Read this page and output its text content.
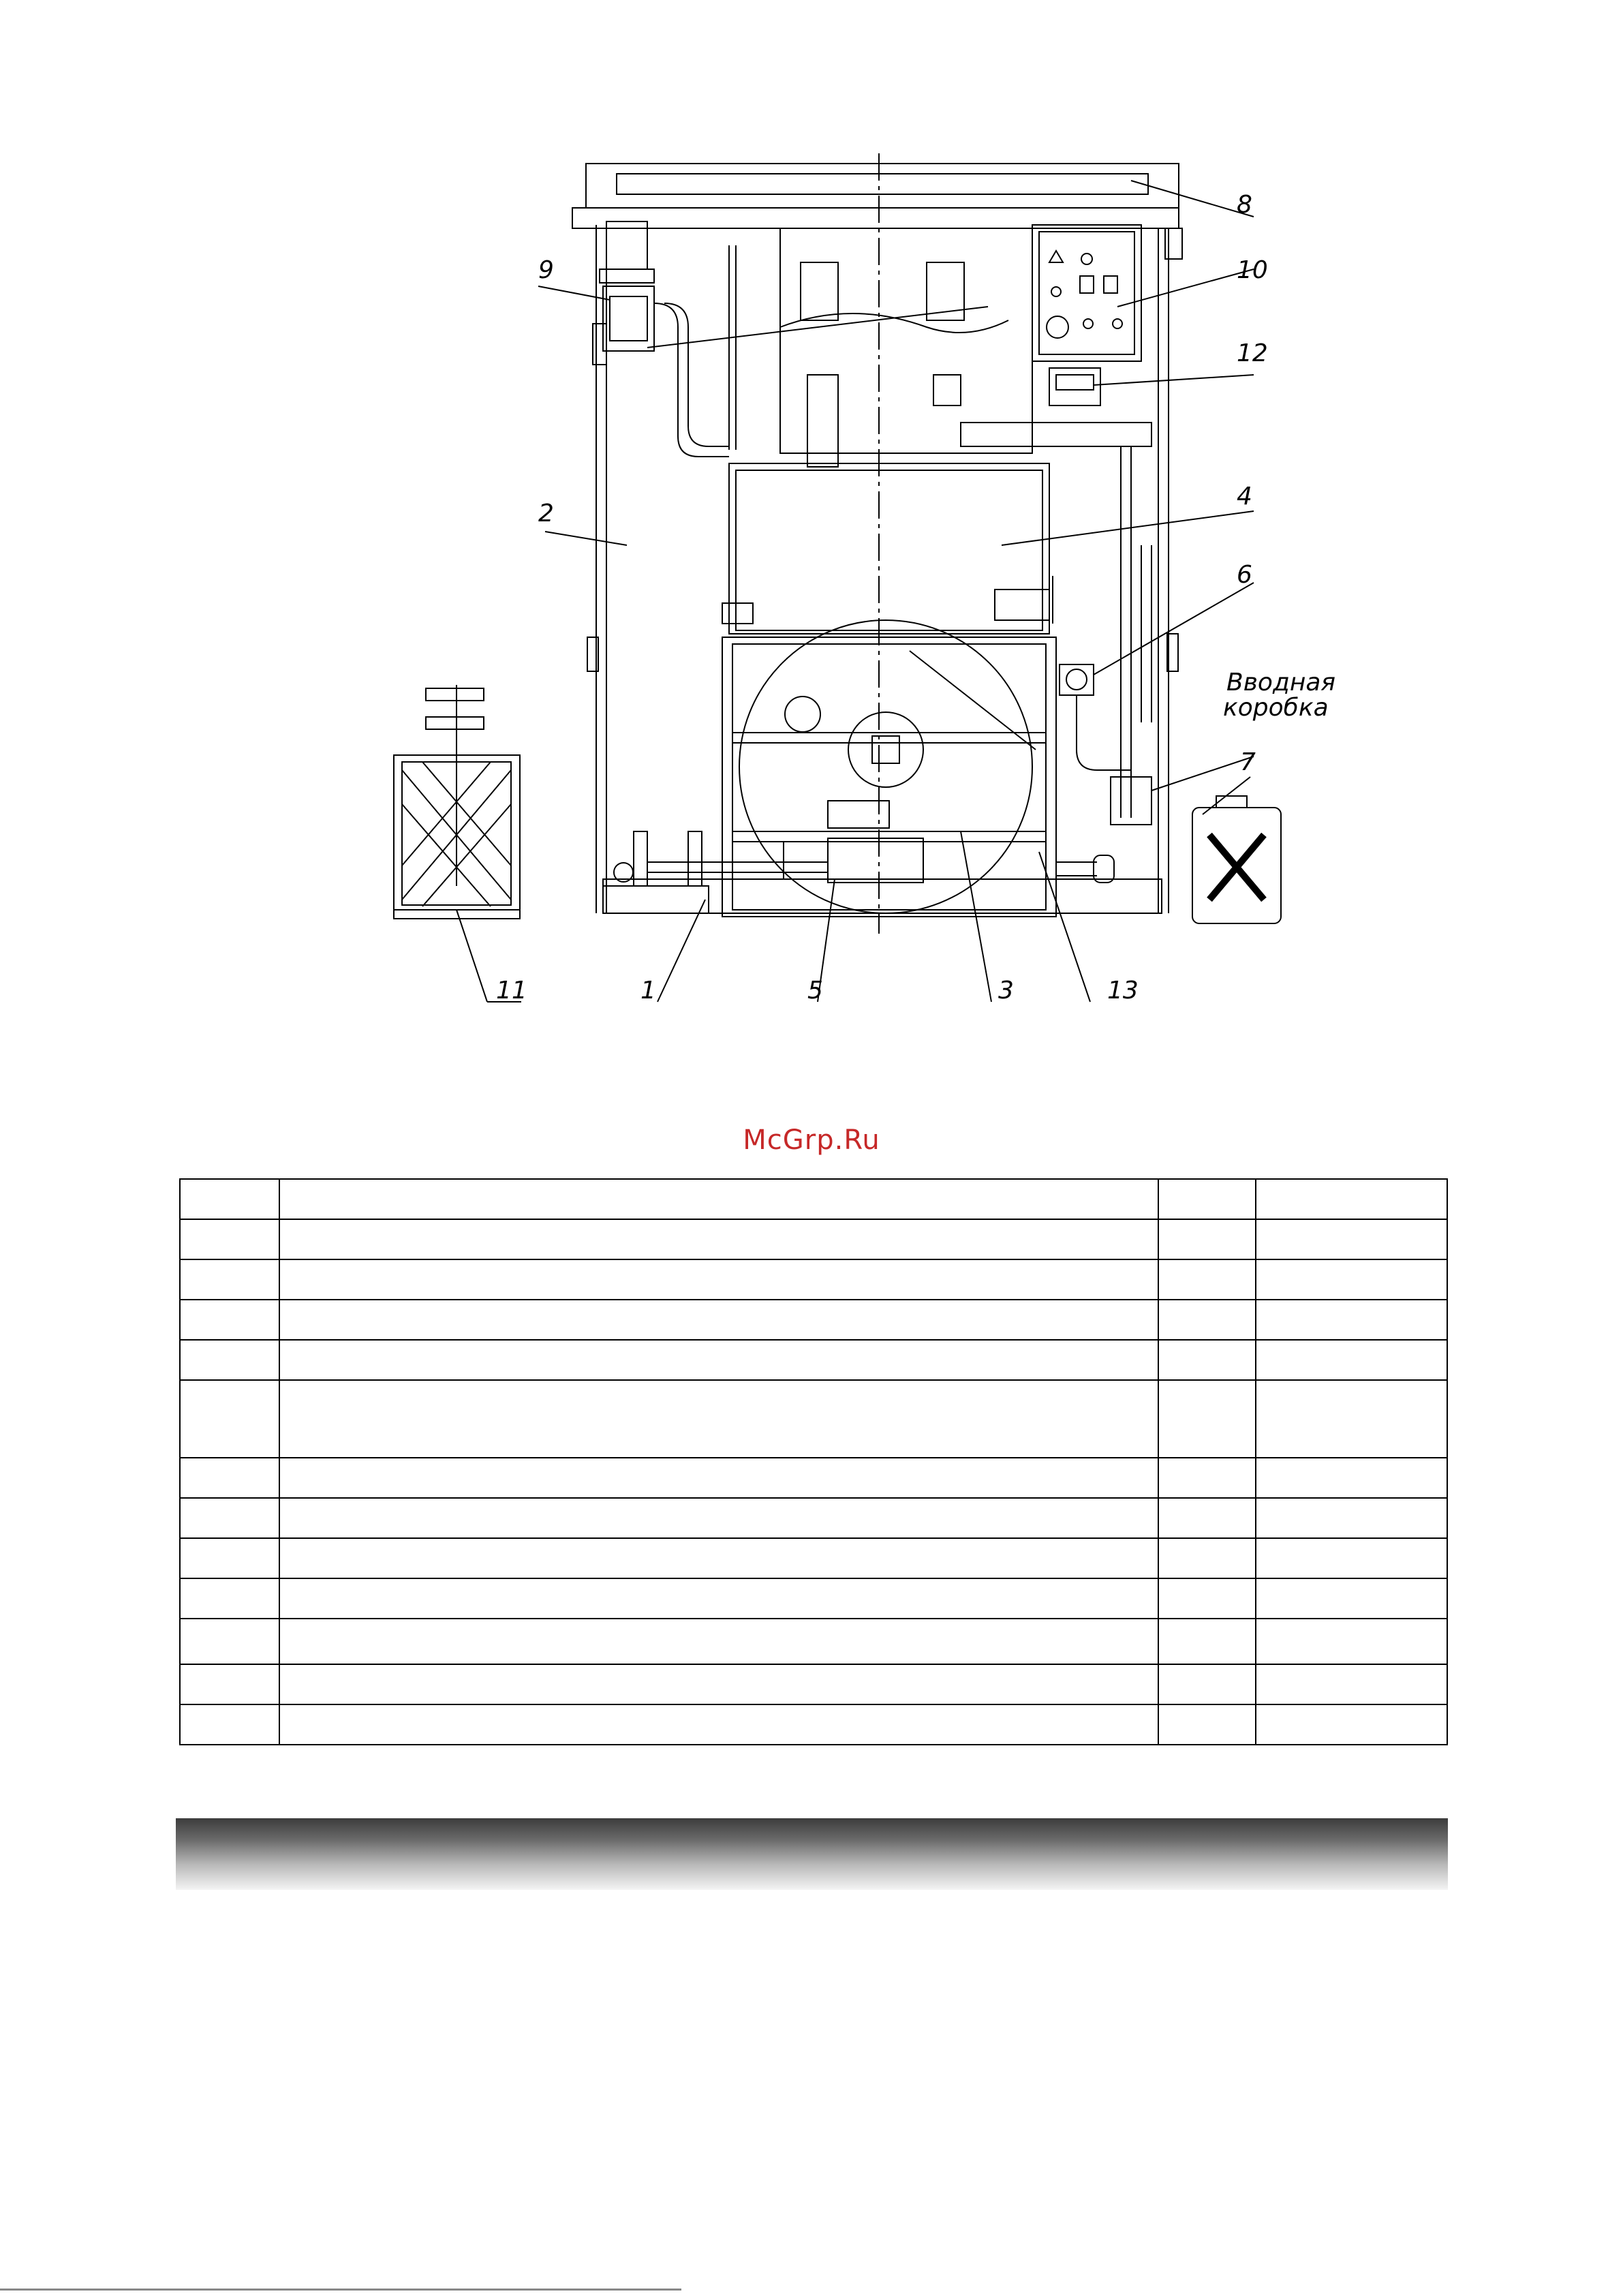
8
10
9
12
2
4
6
Вводная
коробка
7
11	1	5	3	13
McGrp.Ru
